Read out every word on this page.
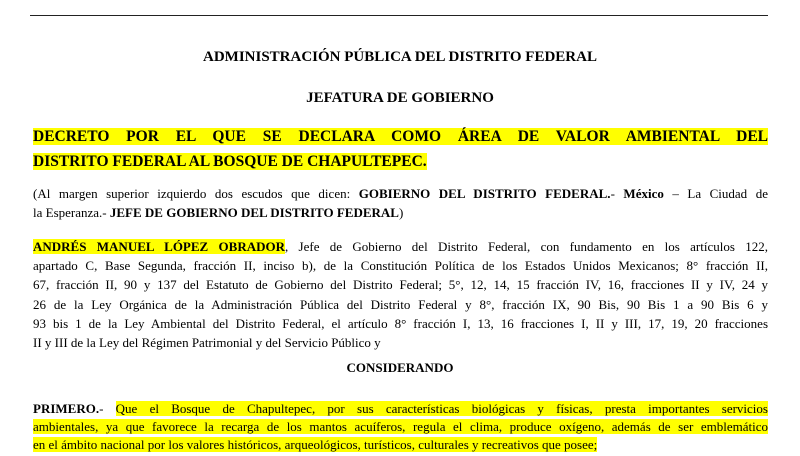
ADMINISTRACIÓN PÚBLICA DEL DISTRITO FEDERAL
JEFATURA DE GOBIERNO
DECRETO POR EL QUE SE DECLARA COMO ÁREA DE VALOR AMBIENTAL DEL
DISTRITO FEDERAL AL BOSQUE DE CHAPULTEPEC.
(Al margen superior izquierdo dos escudos que dicen: GOBIERNO DEL DISTRITO FEDERAL.- México – La Ciudad de
la Esperanza.- JEFE DE GOBIERNO DEL DISTRITO FEDERAL)
ANDRÉS MANUEL LÓPEZ OBRADOR, Jefe de Gobierno del Distrito Federal, con fundamento en los artículos 122,
apartado C, Base Segunda, fracción II, inciso b), de la Constitución Política de los Estados Unidos Mexicanos; 8° fracción II,
67, fracción II, 90 y 137 del Estatuto de Gobierno del Distrito Federal; 5°, 12, 14, 15 fracción IV, 16, fracciones II y IV, 24 y
26 de la Ley Orgánica de la Administración Pública del Distrito Federal y 8°, fracción IX, 90 Bis, 90 Bis 1 a 90 Bis 6 y
93 bis 1 de la Ley Ambiental del Distrito Federal, el artículo 8° fracción I, 13, 16 fracciones I, II y III, 17, 19, 20 fracciones
II y III de la Ley del Régimen Patrimonial y del Servicio Público y
CONSIDERANDO
PRIMERO.- Que el Bosque de Chapultepec, por sus características biológicas y físicas, presta importantes servicios
ambientales, ya que favorece la recarga de los mantos acuíferos, regula el clima, produce oxígeno, además de ser emblemático
en el ámbito nacional por los valores históricos, arqueológicos, turísticos, culturales y recreativos que posee;
